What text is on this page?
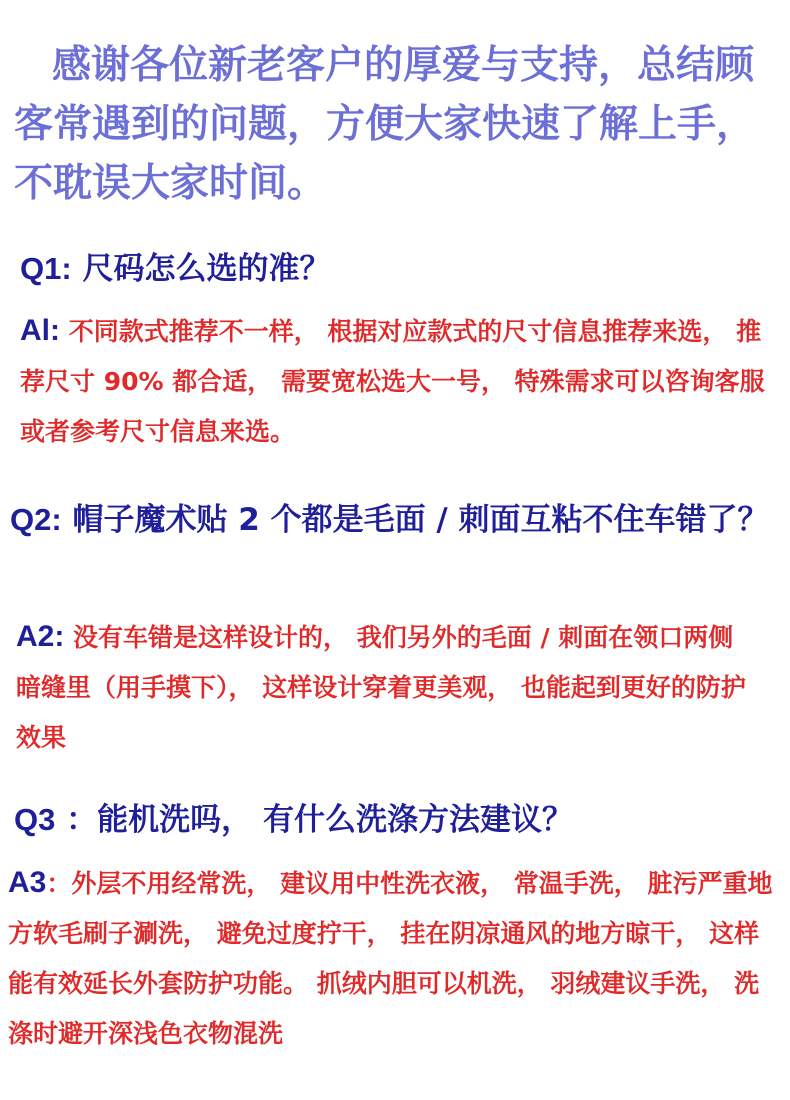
感谢各位新老客户的厚爱与支持，总结顾客常遇到的问题，方便大家快速了解上手，不耽误大家时间。
Q1: 尺码怎么选的准？
Al: 不同款式推荐不一样， 根据对应款式的尺寸信息推荐来选， 推荐尺寸 90% 都合适， 需要宽松选大一号， 特殊需求可以咨询客服或者参考尺寸信息来选。
Q2: 帽子魔术贴 2 个都是毛面 / 刺面互粘不住车错了？
A2: 没有车错是这样设计的， 我们另外的毛面 / 刺面在领口两侧暗缝里（用手摸下）， 这样设计穿着更美观， 也能起到更好的防护效果
Q3 ：能机洗吗， 有什么洗涤方法建议？
A3：外层不用经常洗， 建议用中性洗衣液， 常温手洗， 脏污严重地方软毛刷子涮洗， 避免过度拧干， 挂在阴凉通风的地方晾干， 这样能有效延长外套防护功能。 抓绒内胆可以机洗， 羽绒建议手洗， 洗涤时避开深浅色衣物混洗
